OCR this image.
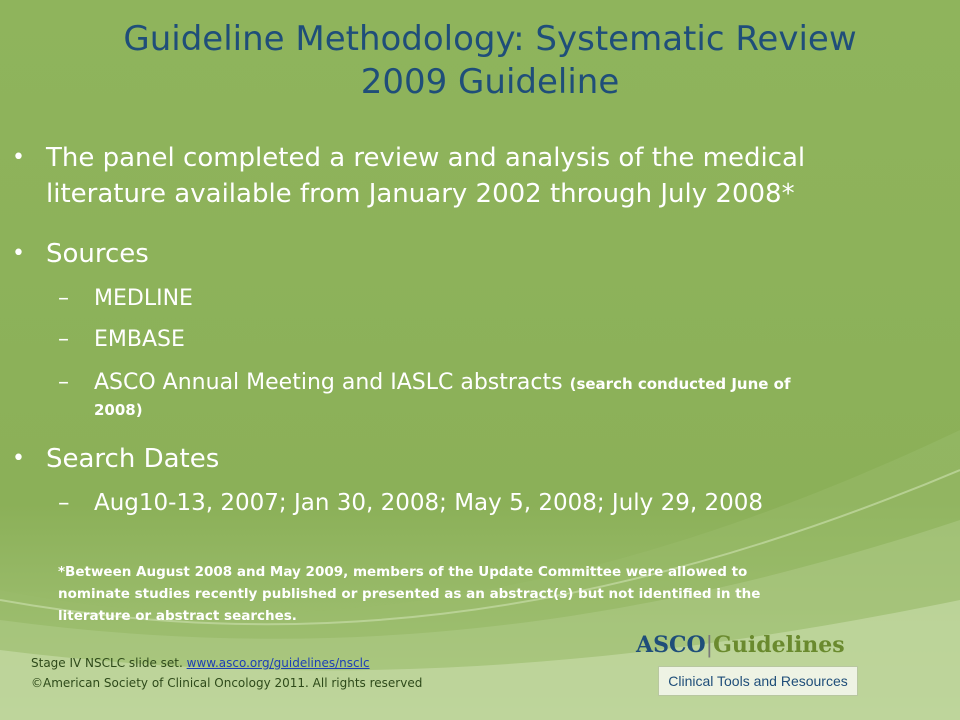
Guideline Methodology: Systematic Review
2009 Guideline
• The panel completed a review and analysis of the medical
literature available from January 2002 through July 2008*
• Sources
– MEDLINE
– EMBASE
– ASCO Annual Meeting and IASLC abstracts (search conducted June of
2008)
• Search Dates
– Aug10-13, 2007; Jan 30, 2008; May 5, 2008; July 29, 2008
*Between August 2008 and May 2009, members of the Update Committee were allowed to
nominate studies recently published or presented as an abstract(s) but not identified in the
literature or abstract searches.
Stage IV NSCLC slide set. www.asco.org/guidelines/nsclc
©American Society of Clinical Oncology 2011. All rights reserved
ASCO|Guidelines
Clinical Tools and Resources
